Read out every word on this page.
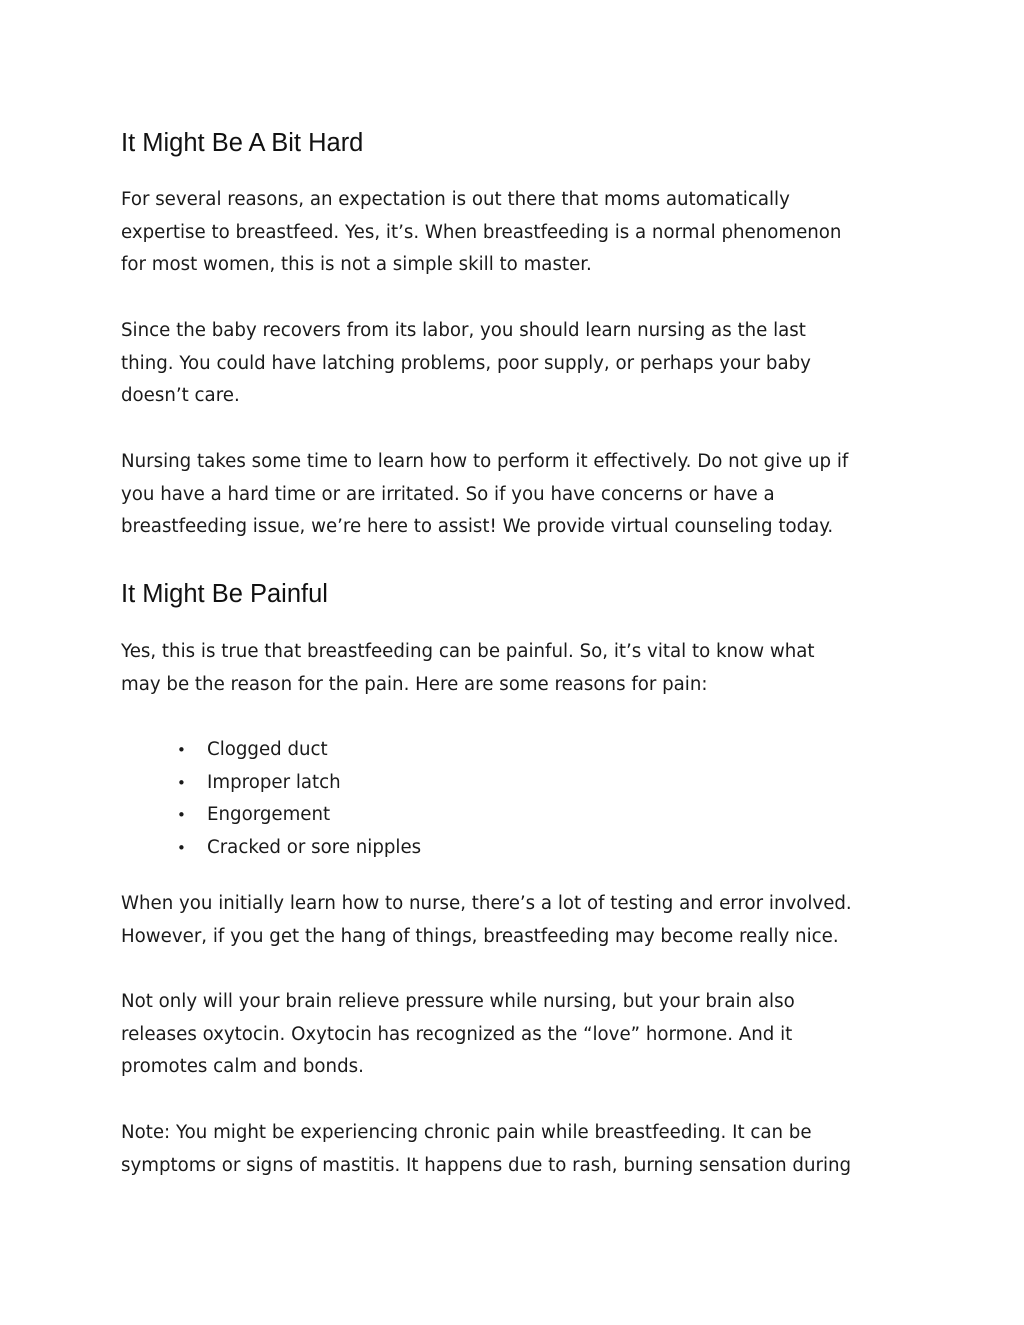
It Might Be A Bit Hard

For several reasons, an expectation is out there that moms automatically
expertise to breastfeed. Yes, it’s. When breastfeeding is a normal phenomenon
for most women, this is not a simple skill to master.

Since the baby recovers from its labor, you should learn nursing as the last
thing. You could have latching problems, poor supply, or perhaps your baby
doesn’t care.

Nursing takes some time to learn how to perform it effectively. Do not give up if
you have a hard time or are irritated. So if you have concerns or have a
breastfeeding issue, we’re here to assist! We provide virtual counseling today.

It Might Be Painful

Yes, this is true that breastfeeding can be painful. So, it’s vital to know what
may be the reason for the pain. Here are some reasons for pain:

• Clogged duct
• Improper latch
• Engorgement
• Cracked or sore nipples

When you initially learn how to nurse, there’s a lot of testing and error involved.
However, if you get the hang of things, breastfeeding may become really nice.

Not only will your brain relieve pressure while nursing, but your brain also
releases oxytocin. Oxytocin has recognized as the “love” hormone. And it
promotes calm and bonds.

Note: You might be experiencing chronic pain while breastfeeding. It can be
symptoms or signs of mastitis. It happens due to rash, burning sensation during
